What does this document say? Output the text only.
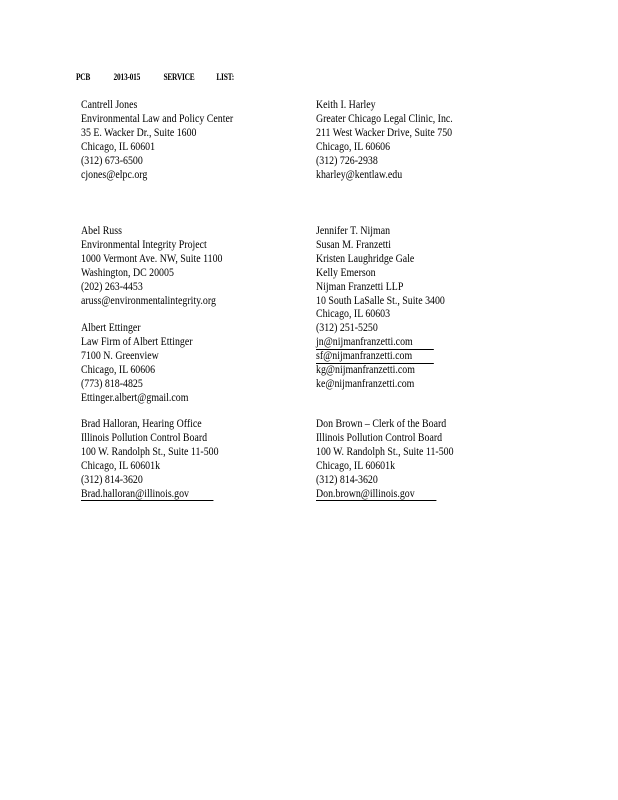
PCB 2013-015 SERVICE LIST:
Cantrell Jones
Environmental Law and Policy Center
35 E. Wacker Dr., Suite 1600
Chicago, IL 60601
(312) 673-6500
cjones@elpc.org
Keith I. Harley
Greater Chicago Legal Clinic, Inc.
211 West Wacker Drive, Suite 750
Chicago, IL 60606
(312) 726-2938
kharley@kentlaw.edu
Abel Russ
Environmental Integrity Project
1000 Vermont Ave. NW, Suite 1100
Washington, DC 20005
(202) 263-4453
aruss@environmentalintegrity.org
Jennifer T. Nijman
Susan M. Franzetti
Kristen Laughridge Gale
Kelly Emerson
Nijman Franzetti LLP
10 South LaSalle St., Suite 3400
Chicago, IL 60603
(312) 251-5250
jn@nijmanfranzetti.com
sf@nijmanfranzetti.com
kg@nijmanfranzetti.com
ke@nijmanfranzetti.com
Albert Ettinger
Law Firm of Albert Ettinger
7100 N. Greenview
Chicago, IL 60606
(773) 818-4825
Ettinger.albert@gmail.com
Brad Halloran, Hearing Office
Illinois Pollution Control Board
100 W. Randolph St., Suite 11-500
Chicago, IL 60601k
(312) 814-3620
Brad.halloran@illinois.gov
Don Brown – Clerk of the Board
Illinois Pollution Control Board
100 W. Randolph St., Suite 11-500
Chicago, IL 60601k
(312) 814-3620
Don.brown@illinois.gov
